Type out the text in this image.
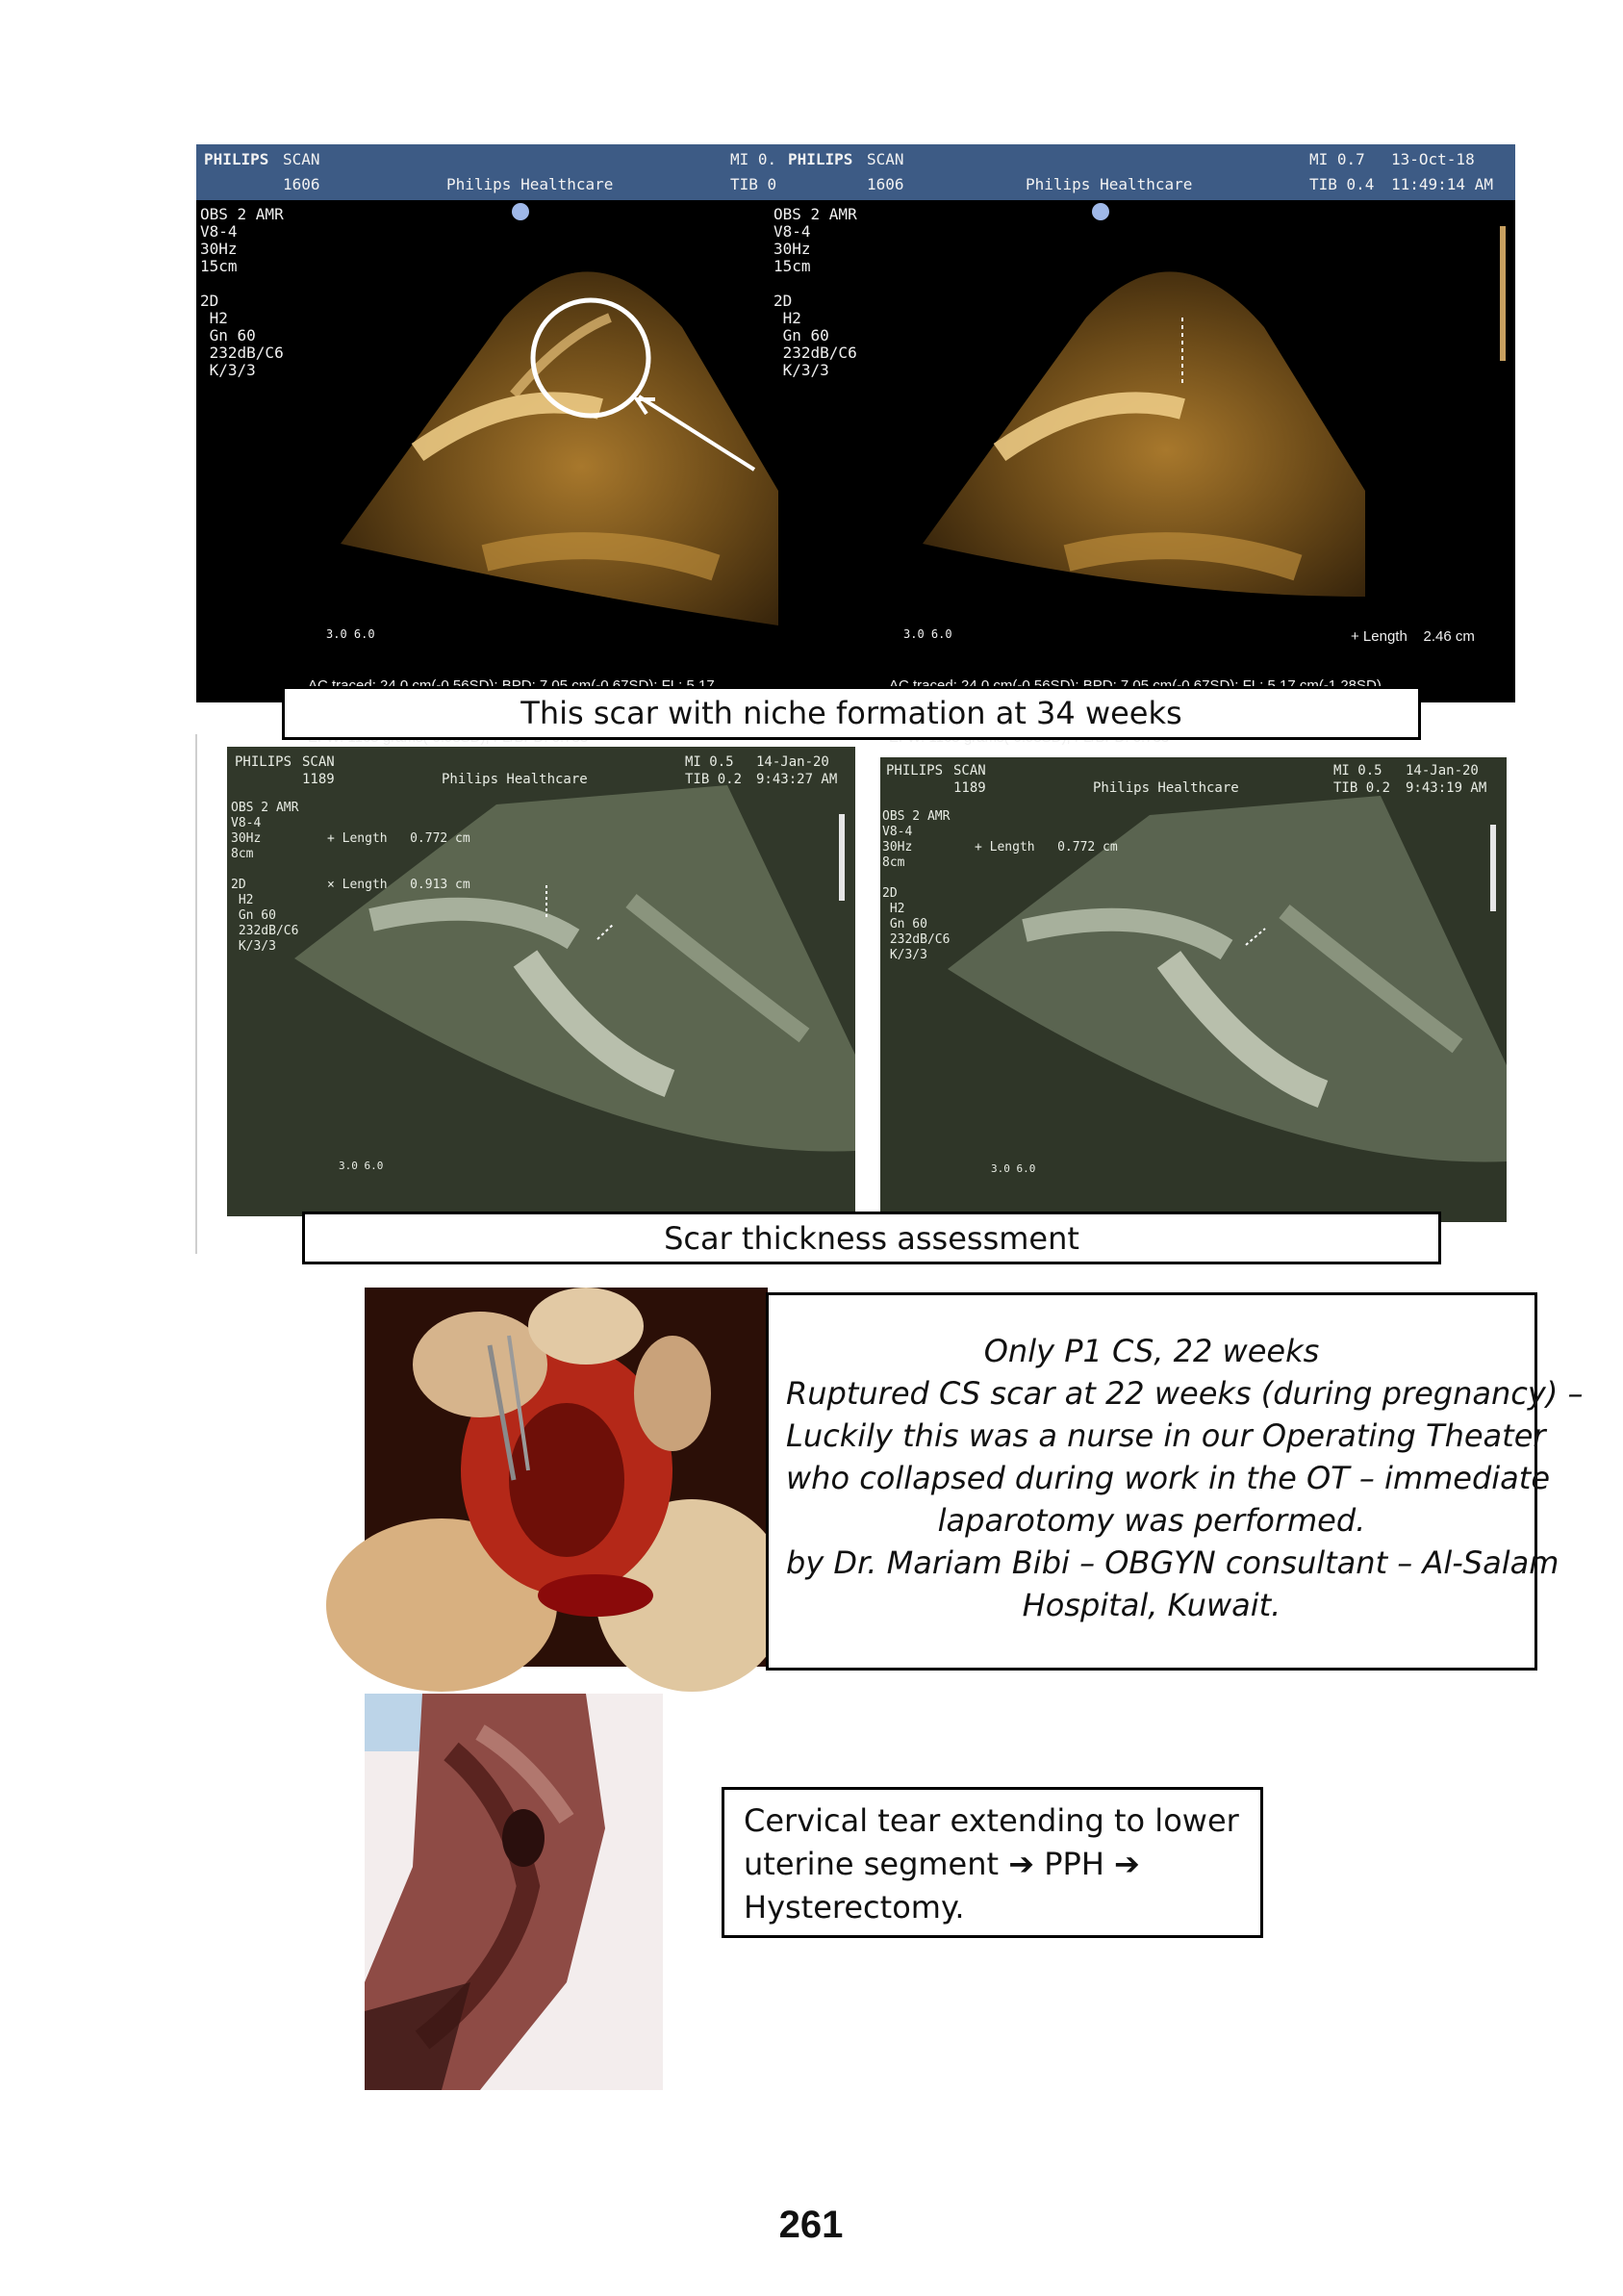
PHILIPS SCAN
1606	Philips Healthcare
MI 0.
TIB 0
PHILIPS SCAN
1606	Philips Healthcare
MI 0.7
TIB 0.4
13-Oct-18
11:49:14 AM
OBS 2 AMR
V8-4
30Hz
15cm

2D
H2
Gn 60
232dB/C6
K/3/3
OBS 2 AMR
V8-4
30Hz
15cm

2D
H2
Gn 60
232dB/C6
K/3/3
3.0 6.0	3.0 6.0	+ Length    2.46 cm

This scar with niche formation at 34 weeks

PHILIPS

SCAN

1189

	Philips Healthcare

MI 0.5

TIB 0.2

14-Jan-20

9:43:27 AM

OBS 2 AMR
V8-4
30Hz
8cm

2D
H2
Gn 60
232dB/C6
K/3/3

+ Length   0.772 cm

× Length   0.913 cm

3.0 6.0

PHILIPS

SCAN

1189

	Philips Healthcare

MI 0.5

TIB 0.2

14-Jan-20

9:43:19 AM

OBS 2 AMR
V8-4
30Hz
8cm

2D
H2
Gn 60
232dB/C6
K/3/3

+ Length   0.772 cm

3.0 6.0
Scar thickness assessment
Only P1 CS, 22 weeks
Ruptured CS scar at 22 weeks (during pregnancy) –
Luckily this was a nurse in our Operating Theater
who collapsed during work in the OT – immediate
laparotomy was performed.
by Dr. Mariam Bibi – OBGYN consultant – Al-Salam
Hospital, Kuwait.
Cervical tear extending to lower
uterine segment ➔ PPH ➔
Hysterectomy.
261
